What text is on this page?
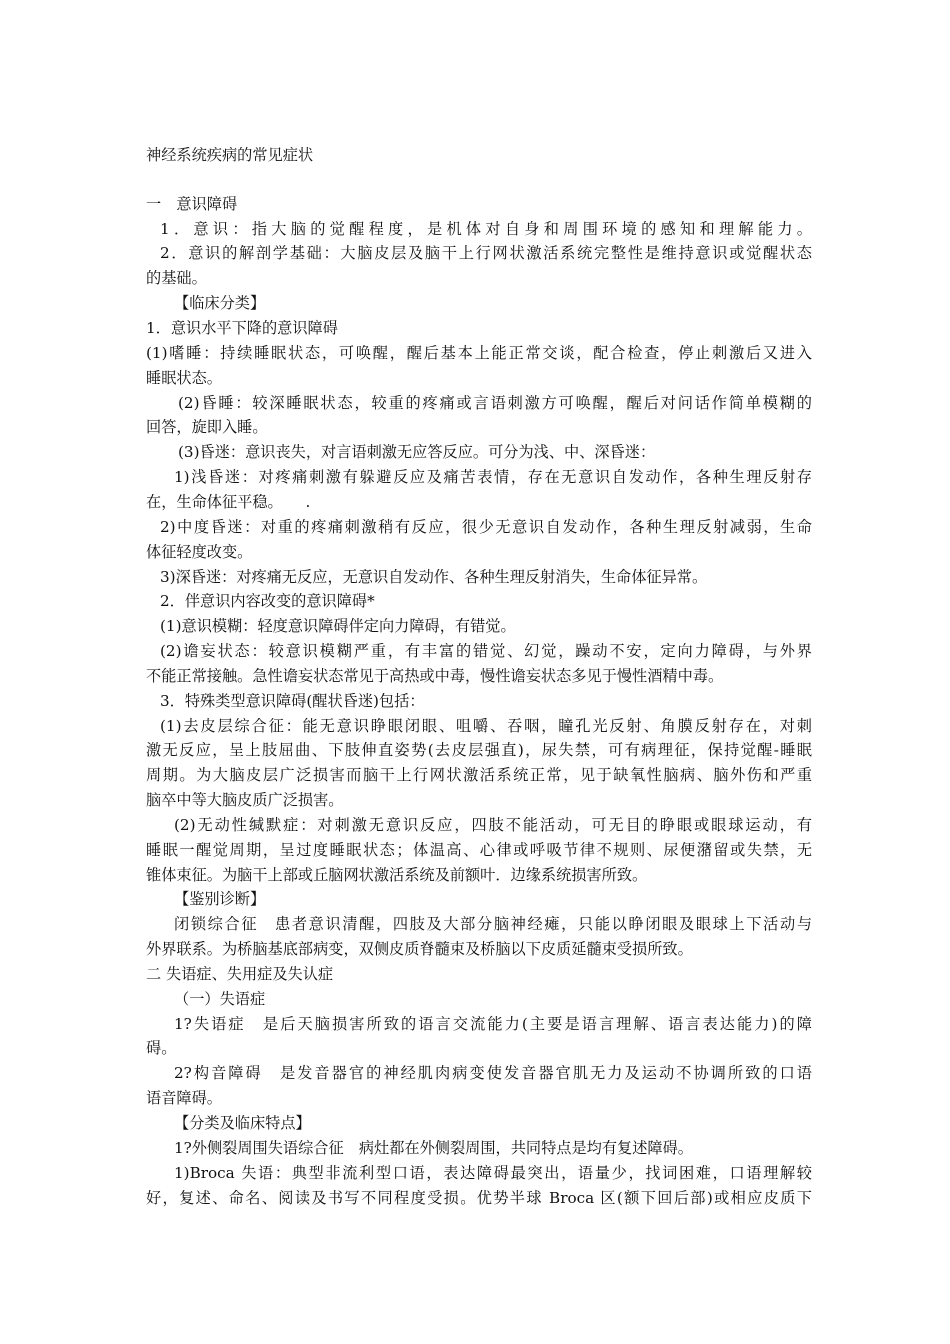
神经系统疾病的常见症状
一　意识障碍
1．意识：指大脑的觉醒程度，是机体对自身和周围环境的感知和理解能力。
2．意识的解剖学基础：大脑皮层及脑干上行网状激活系统完整性是维持意识或觉醒状态
的基础。
【临床分类】
1．意识水平下降的意识障碍
(1)嗜睡：持续睡眠状态，可唤醒，醒后基本上能正常交谈，配合检查，停止刺激后又进入
睡眠状态。
(2)昏睡：较深睡眠状态，较重的疼痛或言语刺激方可唤醒，醒后对问话作简单模糊的
回答，旋即入睡。
(3)昏迷：意识丧失，对言语刺激无应答反应。可分为浅、中、深昏迷：
1)浅昏迷：对疼痛刺激有躲避反应及痛苦表情，存在无意识自发动作，各种生理反射存
在，生命体征平稳。　　.
2)中度昏迷：对重的疼痛刺激稍有反应，很少无意识自发动作，各种生理反射减弱，生命
体征轻度改变。
3)深昏迷：对疼痛无反应，无意识自发动作、各种生理反射消失，生命体征异常。
2．伴意识内容改变的意识障碍*
(1)意识模糊：轻度意识障碍伴定向力障碍，有错觉。
(2)谵妄状态：较意识模糊严重，有丰富的错觉、幻觉，躁动不安，定向力障碍，与外界
不能正常接触。急性谵妄状态常见于高热或中毒，慢性谵妄状态多见于慢性酒精中毒。
3．特殊类型意识障碍(醒状昏迷)包括：
(1)去皮层综合征：能无意识睁眼闭眼、咀嚼、吞咽，瞳孔光反射、角膜反射存在，对刺
激无反应，呈上肢屈曲、下肢伸直姿势(去皮层强直)，尿失禁，可有病理征，保持觉醒-睡眠
周期。为大脑皮层广泛损害而脑干上行网状激活系统正常，见于缺氧性脑病、脑外伤和严重
脑卒中等大脑皮质广泛损害。
(2)无动性缄默症：对刺激无意识反应，四肢不能活动，可无目的睁眼或眼球运动，有
睡眠一醒觉周期，呈过度睡眠状态；体温高、心律或呼吸节律不规则、尿便潴留或失禁，无
锥体束征。为脑干上部或丘脑网状激活系统及前额叶．边缘系统损害所致。
【鉴别诊断】
闭锁综合征　患者意识清醒，四肢及大部分脑神经瘫，只能以睁闭眼及眼球上下活动与
外界联系。为桥脑基底部病变，双侧皮质脊髓束及桥脑以下皮质延髓束受损所致。
二 失语症、失用症及失认症
（一）失语症
1?失语症　是后天脑损害所致的语言交流能力(主要是语言理解、语言表达能力)的障
碍。
2?构音障碍　是发音器官的神经肌肉病变使发音器官肌无力及运动不协调所致的口语
语音障碍。
【分类及临床特点】
1?外侧裂周围失语综合征　病灶都在外侧裂周围，共同特点是均有复述障碍。
1)Broca 失语：典型非流利型口语，表达障碍最突出，语量少，找词困难，口语理解较
好，复述、命名、阅读及书写不同程度受损。优势半球 Broca 区(额下回后部)或相应皮质下
